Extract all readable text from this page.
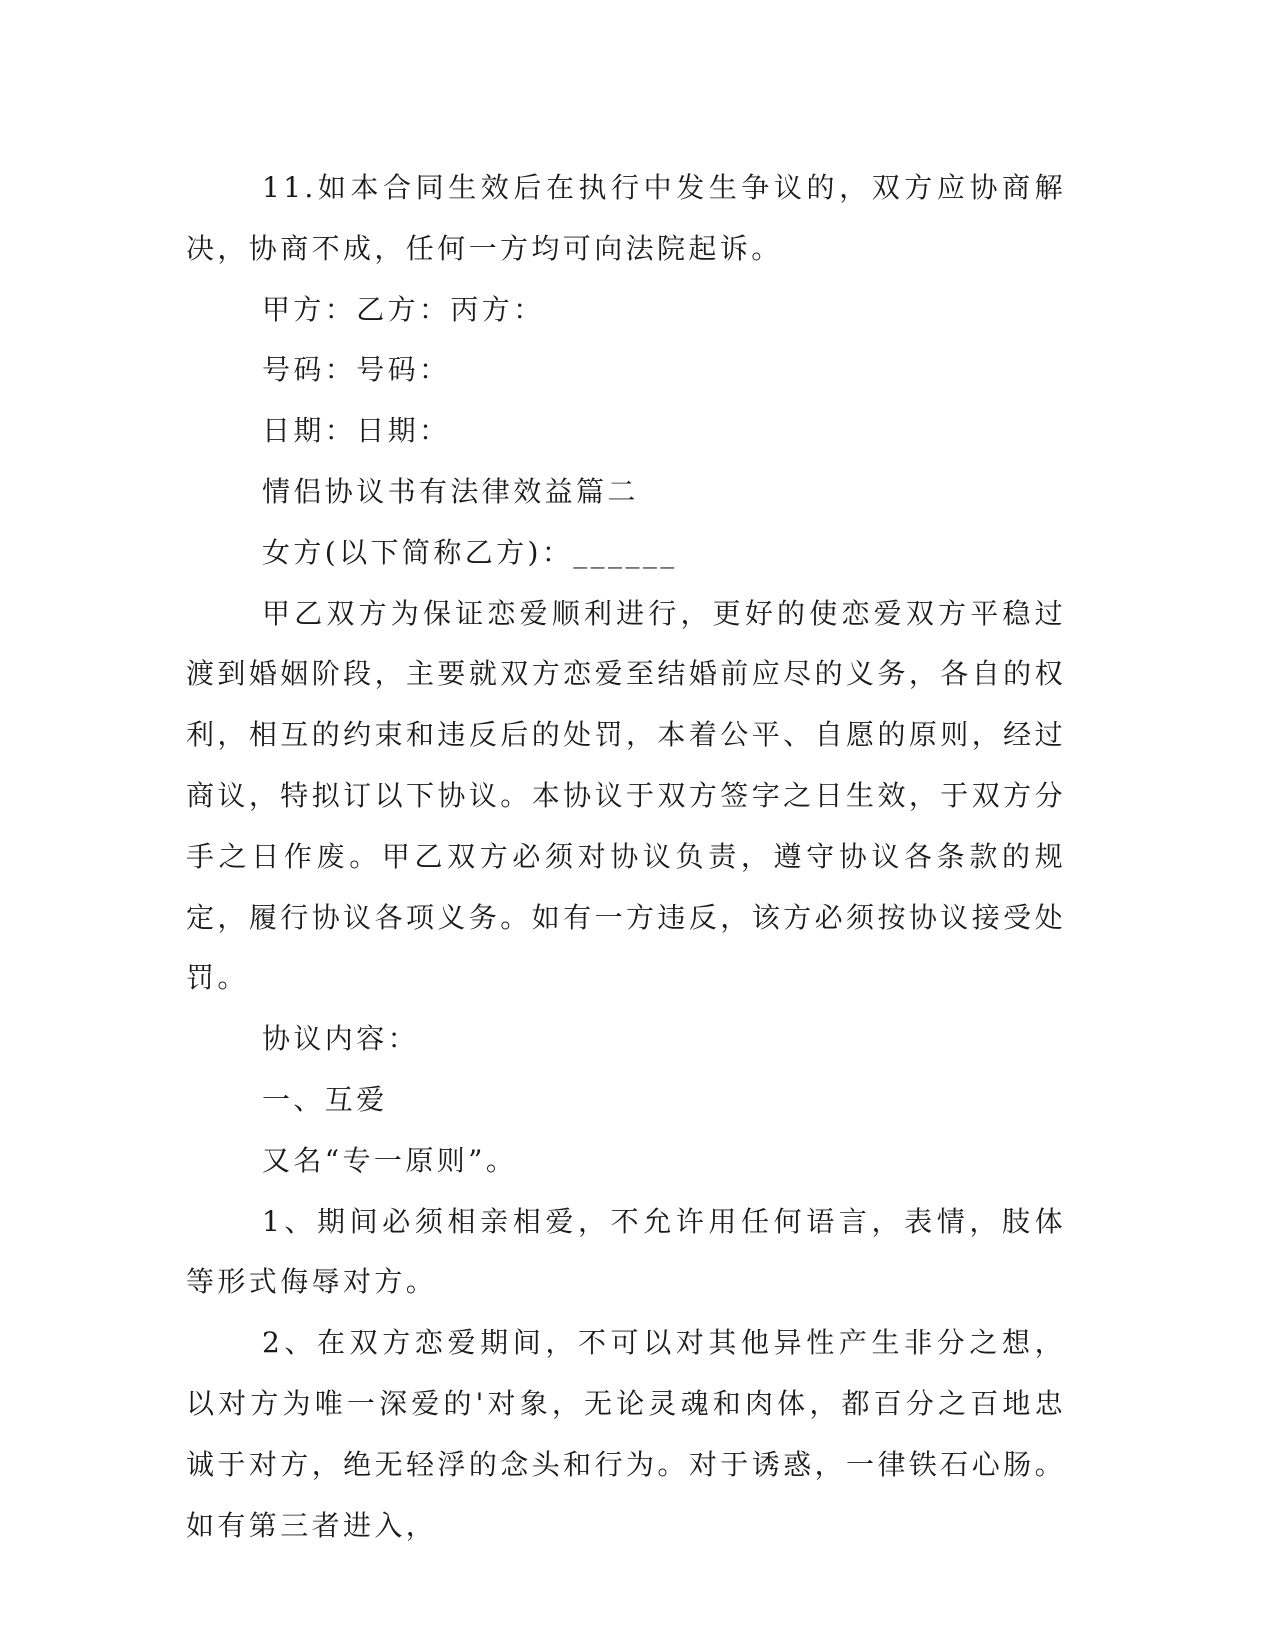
11.如本合同生效后在执行中发生争议的，双方应协商解决，协商不成，任何一方均可向法院起诉。

甲方：乙方：丙方：

号码：号码：

日期：日期：

情侣协议书有法律效益篇二

女方(以下简称乙方)：______

甲乙双方为保证恋爱顺利进行，更好的使恋爱双方平稳过渡到婚姻阶段，主要就双方恋爱至结婚前应尽的义务，各自的权利，相互的约束和违反后的处罚，本着公平、自愿的原则，经过商议，特拟订以下协议。本协议于双方签字之日生效，于双方分手之日作废。甲乙双方必须对协议负责，遵守协议各条款的规定，履行协议各项义务。如有一方违反，该方必须按协议接受处罚。

协议内容：

一、互爱

又名“专一原则”。

1、期间必须相亲相爱，不允许用任何语言，表情，肢体等形式侮辱对方。

2、在双方恋爱期间，不可以对其他异性产生非分之想，以对方为唯一深爱的'对象，无论灵魂和肉体，都百分之百地忠诚于对方，绝无轻浮的念头和行为。对于诱惑，一律铁石心肠。如有第三者进入，
